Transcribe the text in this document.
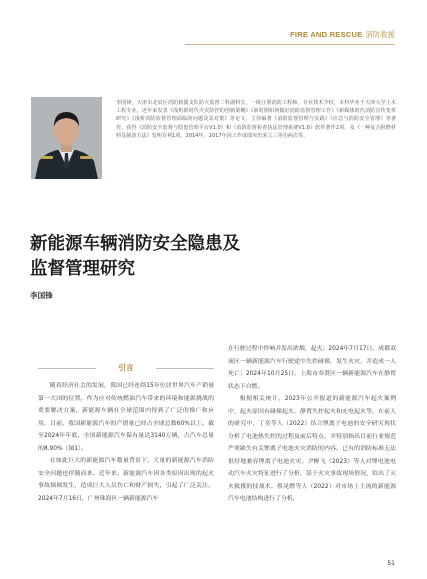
FIRE AND RESCUE 消防救援
李国锋，天津市北辰区消防救援支队防火监督二科副科长，一级注册消防工程师。专业技术少校，本科毕业于天津大学土木工程专业。近年来发表《浅析新时代火灾防控的创新策略》《新时期如何做好消防监督管理工作》《新媒体时代消防宣传变革研究》《浅析消防监督管理面临的问题及其对策》等论文，主持编著《消防监督管理与实践》《应急与消防安全管理》等著作，获得《消防安全监督与隐患管理平台V1.0》和《消防监督检查执法管理系统V1.0》软件著作2项，及《一种复合阻燃材料及制备方法》发明专利1项。2014年、2017年因工作成绩突出荣立三等功两次等。
新能源车辆消防安全隐患及
监督管理研究
李国锋
引言

随着经济社会的发展，我国已经连续15年位居世界汽车产销量第一大国的位置。作为应对传统燃油汽车带来的环境和能源挑战的重要解决方案，新能源车辆在全球范围内得到了广泛的推广和应用。目前，我国新能源汽车的产销量已经占全球总数60%以上。截至2024年年底，全国新能源汽车保有量达3140万辆，占汽车总量的8.90%（图1）。

在如此巨大的新能源汽车数量背景下，大量的新能源汽车消防安全问题也伴随而来。近年来，新能源汽车因各类原因出现的起火事故频频发生，造成巨大人员伤亡和财产损失，引起了广泛关注。2024年7月16日，广州珠海区一辆新能源汽车

在行驶过程中炸响并发出浓烟，起火；2024年7月17日，成都双流区一辆新能源汽车行驶途中失控碰撞，发生火灾，并造成一人死亡；2024年10月25日，上海市奉贤区一辆新能源汽车在静置状态下自燃。

根据相关统计，2023年公开报道的新能源汽车起火案例中，起火原因有碰撞起火、静置失控起火和充电起火等。在前人的研究中，丁奕等人（2022）结合锂离子电池的安全研究现状分析了电池热失控的过程及前后特点，并特别指出目前行业规范严重缺失有关锂离子电池火灾消防的内容。已有的消防标准无法很好地兼容锂离子电池火灾。尹醉飞（2023）等人对锂电池电动汽车火灾特征进行了分析，基于火灾事故现场情况，给出了灭火救援的技战术。蔡晃燃等人（2022）对市场上主流的新能源汽车电池结构进行了分析，

51
